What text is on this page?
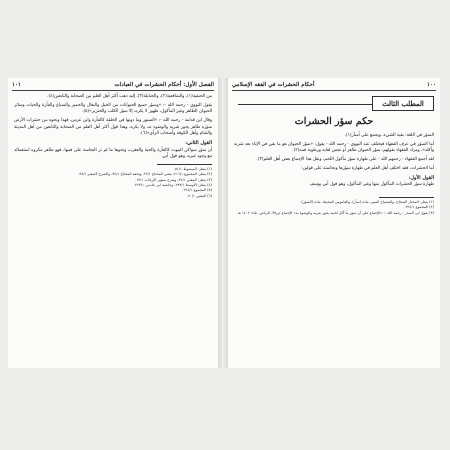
الفصل الأول: أحكام الحشرات في العبادات
١٠١

من الحنفية(١)، والشافعية(٢)، والحنابلة(٣)، إليه ذهب أكثر أهل العلم من الصحابة والتابعين(٤).

يقول النووي - رحمه الله -: «وسؤر جميع الحيوانات من الخيل والبغال والحمير والسباع والفأرة والحيات وسائر الحيوان الطاهر وغير المأكول، طهور لا يكره، إلا سؤر الكلب والخنزير»(٥).

وقال ابن قدامة - رحمه الله -: «السنور وما دونها في الخلقة كالفأرة وابن عرس، فهذا ونحوه من حشرات الأرض سؤره طاهر يجوز شربه والوضوء به، ولا يكره، وهذا قول أكثر أهل العلم من الصحابة والتابعين من أهل المدينة والشام وأهل الكوفة وأصحاب الرأي»(٦).

القول الثاني:

أن سؤر سواكن البيوت كالفأرة والحية والعقرب ونحوها ما لم تر النجاسة على فمها، فهو طاهر مكروه استعماله مع وجود غيره، وهو قول أبي

(١) ينظر: المبسوط ٥١/١.

(٢) ينظر: المجموع ٢١٦/١، مغني المحتاج ٢٢/١، وتحفة المحتاج ٩٤/١، والشرح الصغير ٣٨/١.

(٣) ينظر: المغني ٧٢/١، وشرح منتهى الإرادات ١٣/١.

(٤) ينظر: الأوسط ٢٩٩/١، وحاشية ابن عابدين ٢٢٣/١.

(٥) المجموع ٢٢٤/١.

(٦) المغني ٧٠/١.

١٠٠
أحكام الحشرات في الفقه الإسلامي
المطلب الثالث
حكم سؤر الحشرات

السؤر في اللغة: بقية الشيء، ويجمع على أسآر(١).

أما السؤر في عرف الفقهاء فيختلف عند النووي - رحمه الله - يقول: «سؤر الحيوان هو ما بقي في الإناء بعد شربه وأكله»، ومراد الفقهاء بقولهم: سؤر الحيوان طاهر أو نجس لعابه ورطوبة فمه(٢).

لقد أجمع الفقهاء - رحمهم الله - على طهارة سؤر مأكول اللحم، ونقل هذا الإجماع بعض أهل العلم(٣).

أما الحشرات، فقد اختلف أهل العلم في طهارة سؤرها ونجاسته على قولين:

القول الأول:

طهارة سؤر الحشرات المأكول منها وغير المأكول، وهو قول أبي يوسف

(١) ينظر: المختار الصحاح، والمصباح المنير، مادة (سأر)، والقاموس المحيط: مادة (السؤر).

(٢) المجموع ٢٢٤/١.

(٣) يقول ابن المنذر - رحمه الله -: «الإجماع على أن سؤر ما أكل لحمه يجوز شربه والوضوء به» الإجماع ص٣٥، الرياض، ط٤، ١٤٠٢ هـ.
